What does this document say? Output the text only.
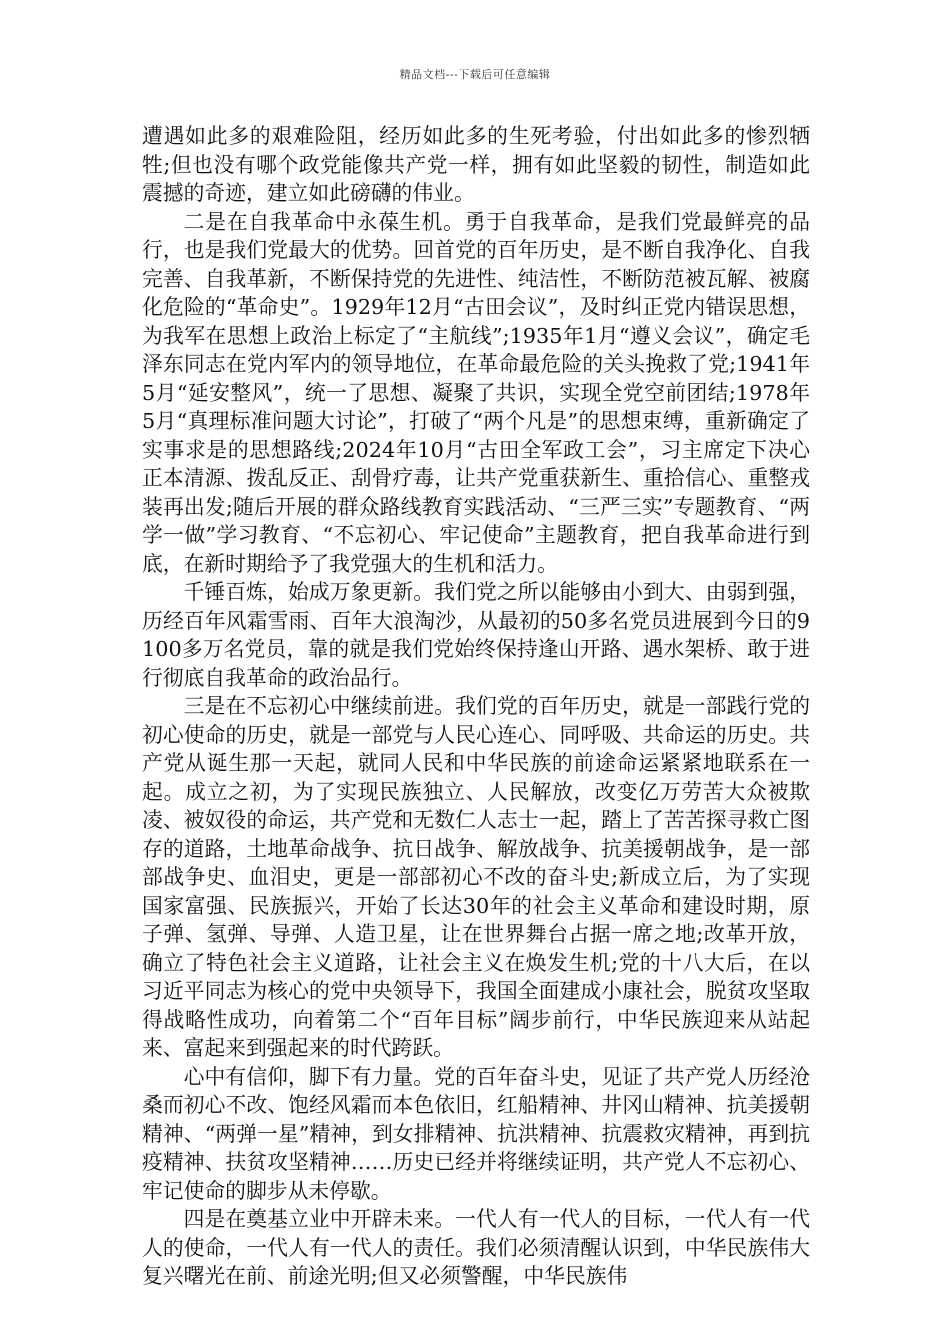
精品文档---下载后可任意编辑

遭遇如此多的艰难险阻，经历如此多的生死考验，付出如此多的惨烈牺牲;但也没有哪个政党能像共产党一样，拥有如此坚毅的韧性，制造如此震撼的奇迹，建立如此磅礴的伟业。

二是在自我革命中永葆生机。勇于自我革命，是我们党最鲜亮的品行，也是我们党最大的优势。回首党的百年历史，是不断自我净化、自我完善、自我革新，不断保持党的先进性、纯洁性，不断防范被瓦解、被腐化危险的“革命史”。1929年12月“古田会议”，及时纠正党内错误思想，为我军在思想上政治上标定了“主航线”;1935年1月“遵义会议”，确定毛泽东同志在党内军内的领导地位，在革命最危险的关头挽救了党;1941年5月“延安整风”，统一了思想、凝聚了共识，实现全党空前团结;1978年5月“真理标准问题大讨论”，打破了“两个凡是”的思想束缚，重新确定了实事求是的思想路线;2024年10月“古田全军政工会”，习主席定下决心正本清源、拨乱反正、刮骨疗毒，让共产党重获新生、重拾信心、重整戎装再出发;随后开展的群众路线教育实践活动、“三严三实”专题教育、“两学一做”学习教育、“不忘初心、牢记使命”主题教育，把自我革命进行到底，在新时期给予了我党强大的生机和活力。

千锤百炼，始成万象更新。我们党之所以能够由小到大、由弱到强，历经百年风霜雪雨、百年大浪淘沙，从最初的50多名党员进展到今日的9100多万名党员，靠的就是我们党始终保持逢山开路、遇水架桥、敢于进行彻底自我革命的政治品行。

三是在不忘初心中继续前进。我们党的百年历史，就是一部践行党的初心使命的历史，就是一部党与人民心连心、同呼吸、共命运的历史。共产党从诞生那一天起，就同人民和中华民族的前途命运紧紧地联系在一起。成立之初，为了实现民族独立、人民解放，改变亿万劳苦大众被欺凌、被奴役的命运，共产党和无数仁人志士一起，踏上了苦苦探寻救亡图存的道路，土地革命战争、抗日战争、解放战争、抗美援朝战争，是一部部战争史、血泪史，更是一部部初心不改的奋斗史;新成立后，为了实现国家富强、民族振兴，开始了长达30年的社会主义革命和建设时期，原子弹、氢弹、导弹、人造卫星，让在世界舞台占据一席之地;改革开放，确立了特色社会主义道路，让社会主义在焕发生机;党的十八大后，在以习近平同志为核心的党中央领导下，我国全面建成小康社会，脱贫攻坚取得战略性成功，向着第二个“百年目标”阔步前行，中华民族迎来从站起来、富起来到强起来的时代跨跃。

心中有信仰，脚下有力量。党的百年奋斗史，见证了共产党人历经沧桑而初心不改、饱经风霜而本色依旧，红船精神、井冈山精神、抗美援朝精神、“两弹一星”精神，到女排精神、抗洪精神、抗震救灾精神，再到抗疫精神、扶贫攻坚精神……历史已经并将继续证明，共产党人不忘初心、牢记使命的脚步从未停歇。

四是在奠基立业中开辟未来。一代人有一代人的目标，一代人有一代人的使命，一代人有一代人的责任。我们必须清醒认识到，中华民族伟大复兴曙光在前、前途光明;但又必须警醒，中华民族伟
